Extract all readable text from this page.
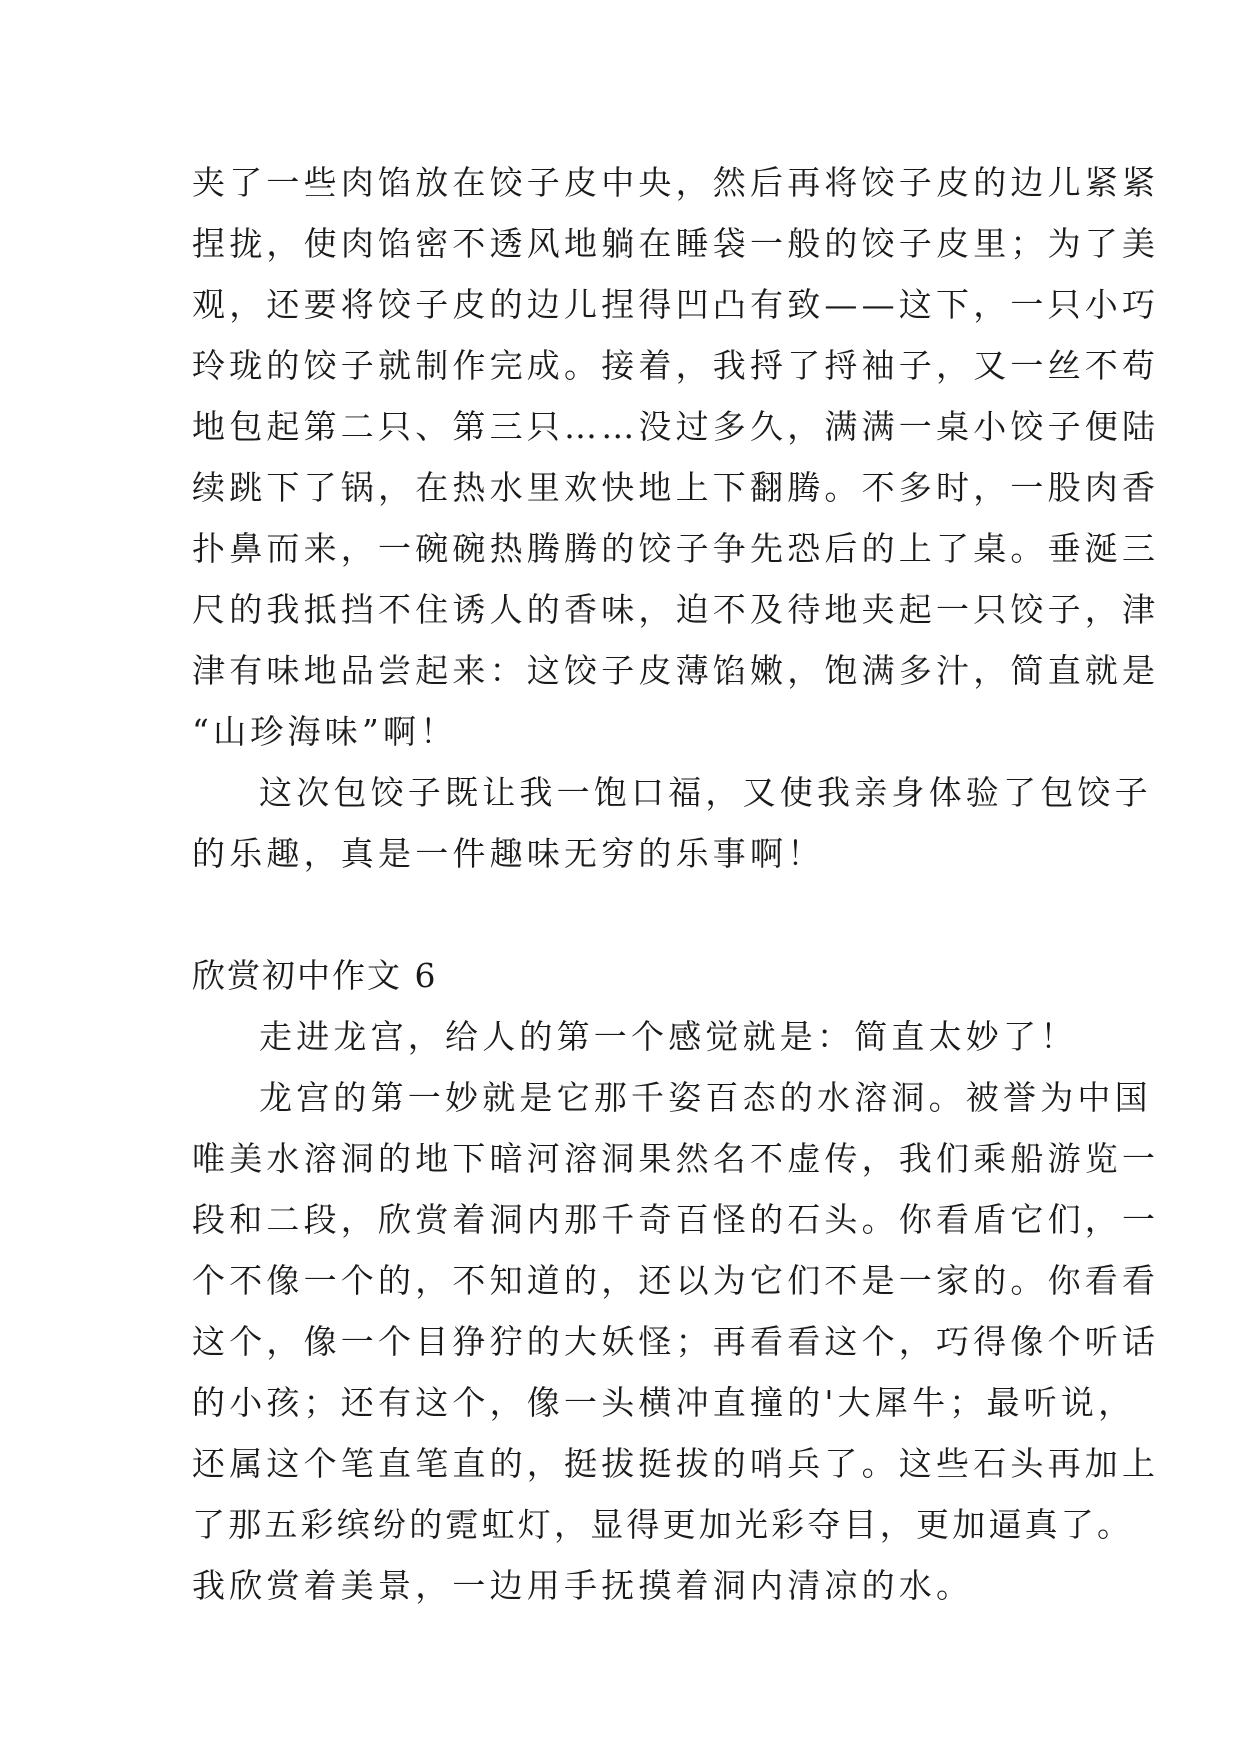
夹了一些肉馅放在饺子皮中央，然后再将饺子皮的边儿紧紧
捏拢，使肉馅密不透风地躺在睡袋一般的饺子皮里；为了美
观，还要将饺子皮的边儿捏得凹凸有致——这下，一只小巧
玲珑的饺子就制作完成。接着，我捋了捋袖子，又一丝不苟
地包起第二只、第三只……没过多久，满满一桌小饺子便陆
续跳下了锅，在热水里欢快地上下翻腾。不多时，一股肉香
扑鼻而来，一碗碗热腾腾的饺子争先恐后的上了桌。垂涎三
尺的我抵挡不住诱人的香味，迫不及待地夹起一只饺子，津
津有味地品尝起来：这饺子皮薄馅嫩，饱满多汁，简直就是
“山珍海味”啊！
这次包饺子既让我一饱口福，又使我亲身体验了包饺子
的乐趣，真是一件趣味无穷的乐事啊！
欣赏初中作文 6
走进龙宫，给人的第一个感觉就是：简直太妙了！
龙宫的第一妙就是它那千姿百态的水溶洞。被誉为中国
唯美水溶洞的地下暗河溶洞果然名不虚传，我们乘船游览一
段和二段，欣赏着洞内那千奇百怪的石头。你看盾它们，一
个不像一个的，不知道的，还以为它们不是一家的。你看看
这个，像一个目狰狞的大妖怪；再看看这个，巧得像个听话
的小孩；还有这个，像一头横冲直撞的'大犀牛；最听说，
还属这个笔直笔直的，挺拔挺拔的哨兵了。这些石头再加上
了那五彩缤纷的霓虹灯，显得更加光彩夺目，更加逼真了。
我欣赏着美景，一边用手抚摸着洞内清凉的水。
